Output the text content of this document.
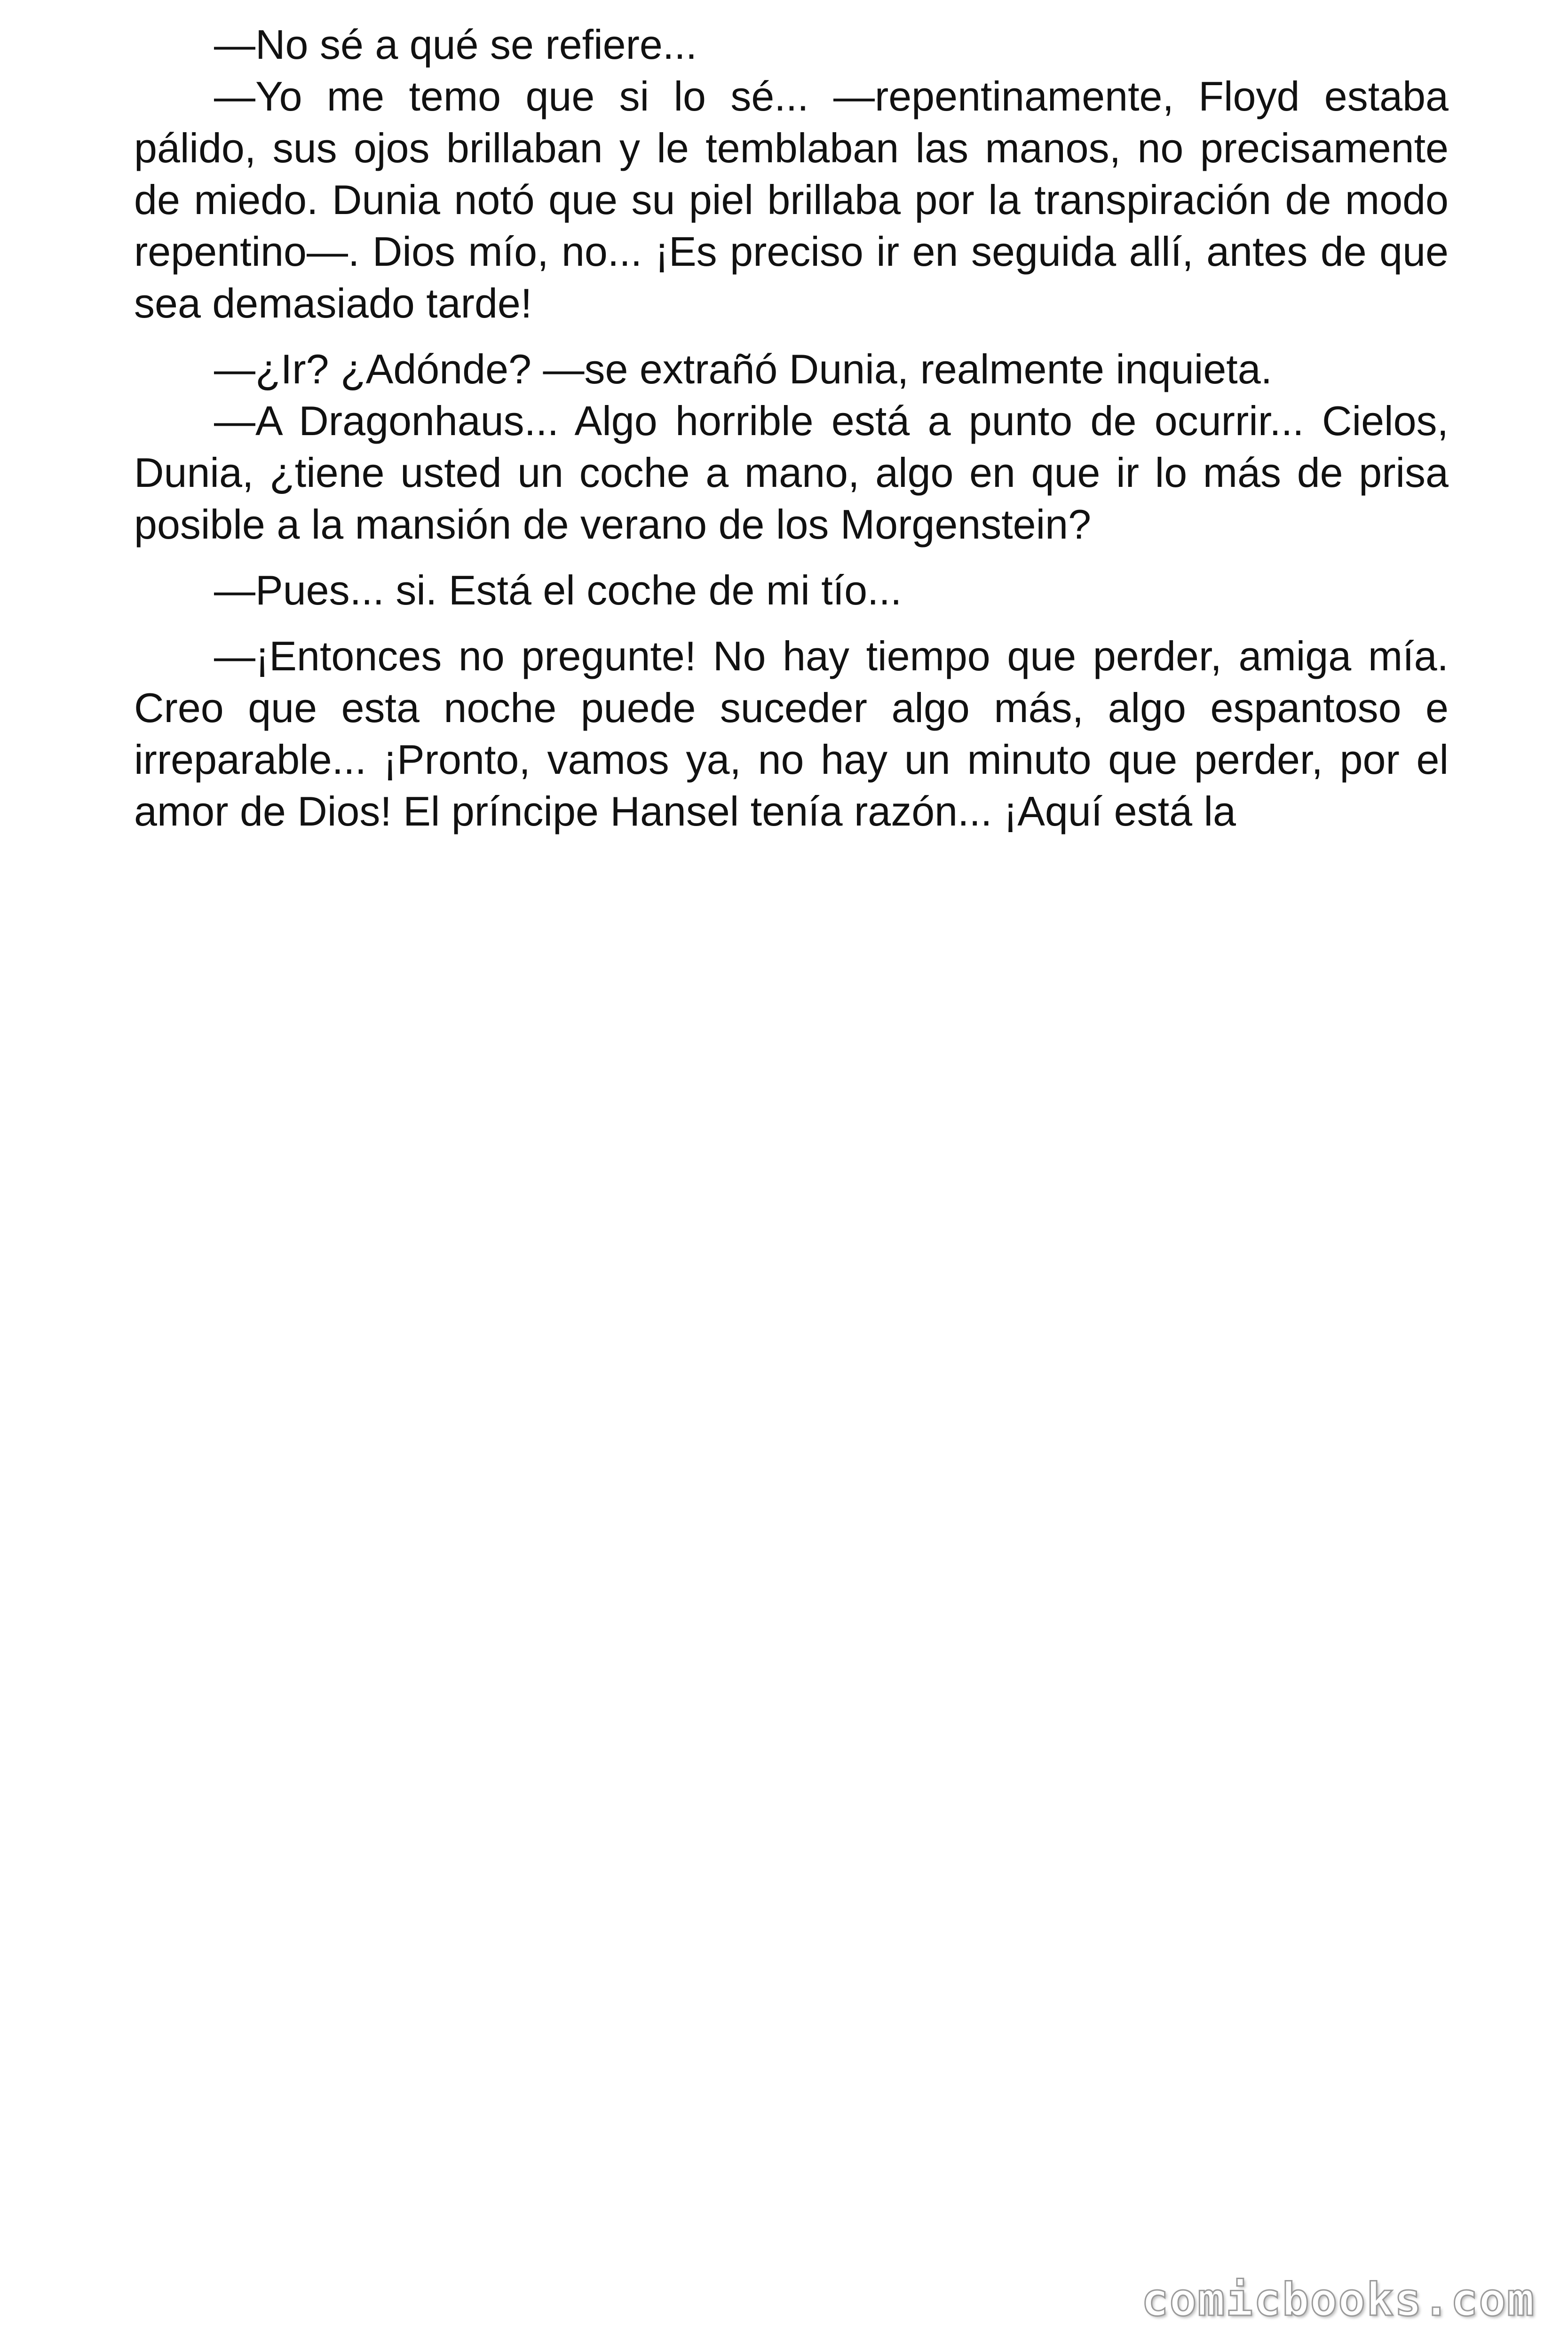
—No sé a qué se refiere...

—Yo me temo que si lo sé... —repentinamente, Floyd estaba pálido, sus ojos brillaban y le temblaban las manos, no precisamente de miedo. Dunia notó que su piel brillaba por la transpiración de modo repentino—. Dios mío, no... ¡Es preciso ir en seguida allí, antes de que sea demasiado tarde!

—¿Ir? ¿Adónde? —se extrañó Dunia, realmente inquieta.

—A Dragonhaus... Algo horrible está a punto de ocurrir... Cielos, Dunia, ¿tiene usted un coche a mano, algo en que ir lo más de prisa posible a la mansión de verano de los Morgenstein?

—Pues... si. Está el coche de mi tío...

—¡Entonces no pregunte! No hay tiempo que perder, amiga mía. Creo que esta noche puede suceder algo más, algo espantoso e irreparable... ¡Pronto, vamos ya, no hay un minuto que perder, por el amor de Dios! El príncipe Hansel tenía razón... ¡Aquí está la

comicbooks.com
